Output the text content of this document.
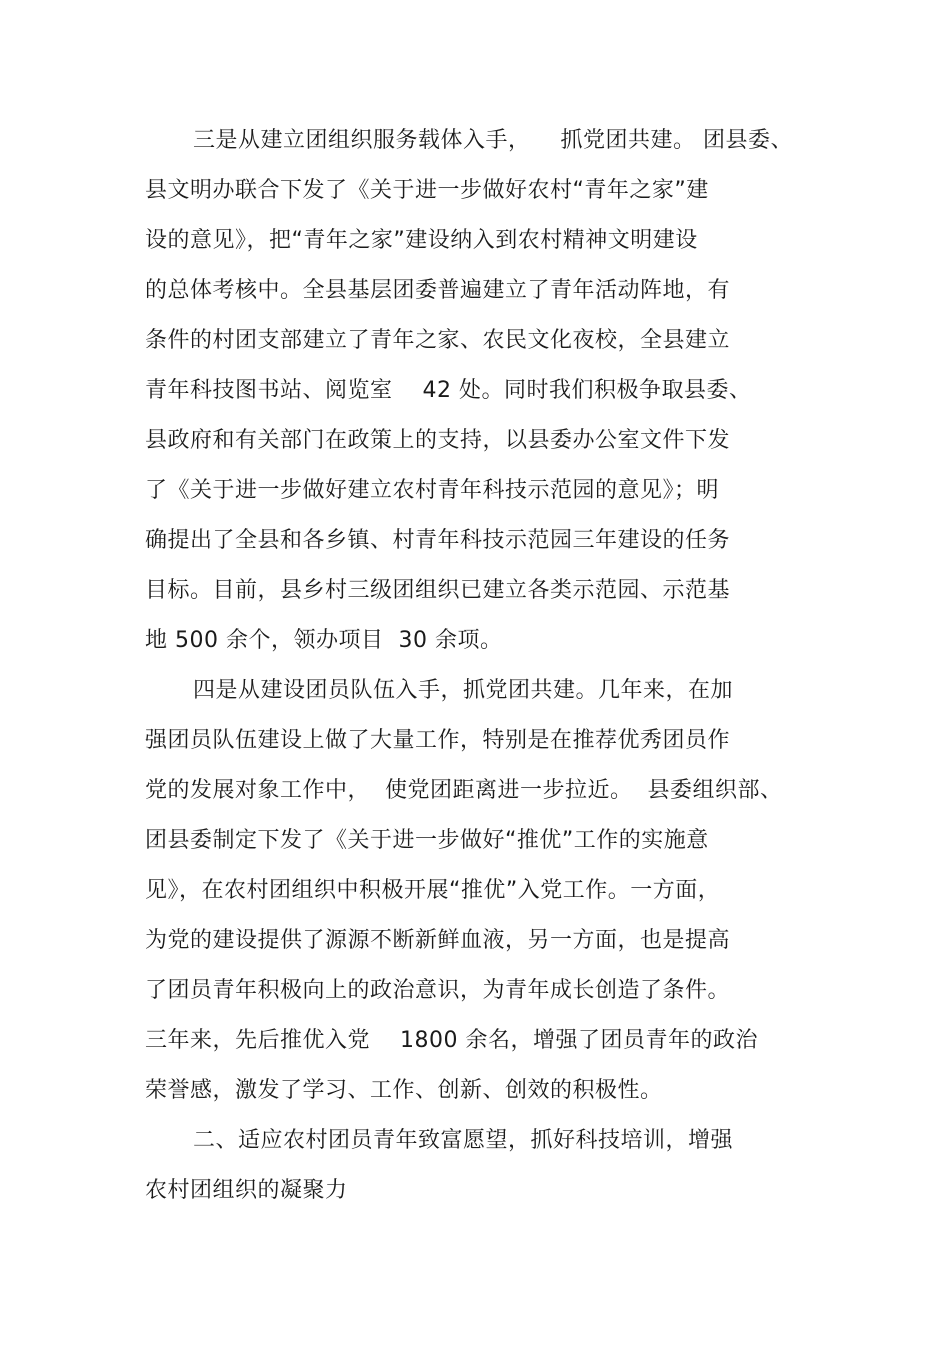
三是从建立团组织服务载体入手，    抓党团共建。 团县委、
县文明办联合下发了《关于进一步做好农村“青年之家”建
设的意见》，把“青年之家”建设纳入到农村精神文明建设
的总体考核中。全县基层团委普遍建立了青年活动阵地，有
条件的村团支部建立了青年之家、农民文化夜校，全县建立
青年科技图书站、阅览室    42 处。同时我们积极争取县委、
县政府和有关部门在政策上的支持，以县委办公室文件下发
了《关于进一步做好建立农村青年科技示范园的意见》；明
确提出了全县和各乡镇、村青年科技示范园三年建设的任务
目标。目前，县乡村三级团组织已建立各类示范园、示范基
地 500 余个，领办项目  30 余项。
四是从建设团员队伍入手，抓党团共建。几年来，在加
强团员队伍建设上做了大量工作，特别是在推荐优秀团员作
党的发展对象工作中，  使党团距离进一步拉近。  县委组织部、
团县委制定下发了《关于进一步做好“推优”工作的实施意
见》，在农村团组织中积极开展“推优”入党工作。一方面，
为党的建设提供了源源不断新鲜血液，另一方面，也是提高
了团员青年积极向上的政治意识，为青年成长创造了条件。
三年来，先后推优入党    1800 余名，增强了团员青年的政治
荣誉感，激发了学习、工作、创新、创效的积极性。
二、适应农村团员青年致富愿望，抓好科技培训，增强
农村团组织的凝聚力
